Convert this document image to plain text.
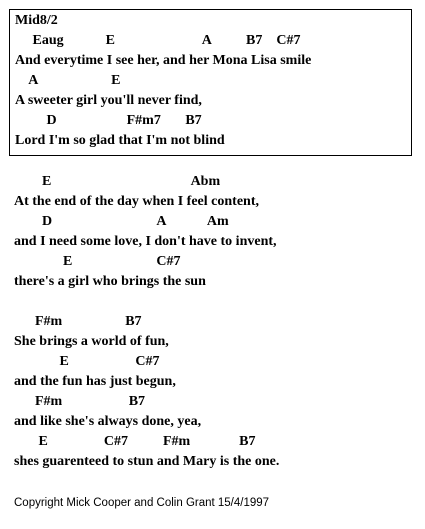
Mid8/2
Eaug            E                         A          B7    C#7
And everytime I see her, and her Mona Lisa smile
A                     E
A sweeter girl you'll never find,
D                    F#m7       B7
Lord I'm so glad that I'm not blind
E                                        Abm
At the end of the day when I feel content,
D                              A            Am
and I need some love, I don't have to invent,
E                        C#7
there's a girl who brings the sun
F#m                  B7
She brings a world of fun,
E                   C#7
and the fun has just begun,
F#m                   B7
and like she's always done, yea,
E                C#7          F#m              B7
shes guarenteed to stun and Mary is the one.
Copyright Mick Cooper and Colin Grant 15/4/1997
